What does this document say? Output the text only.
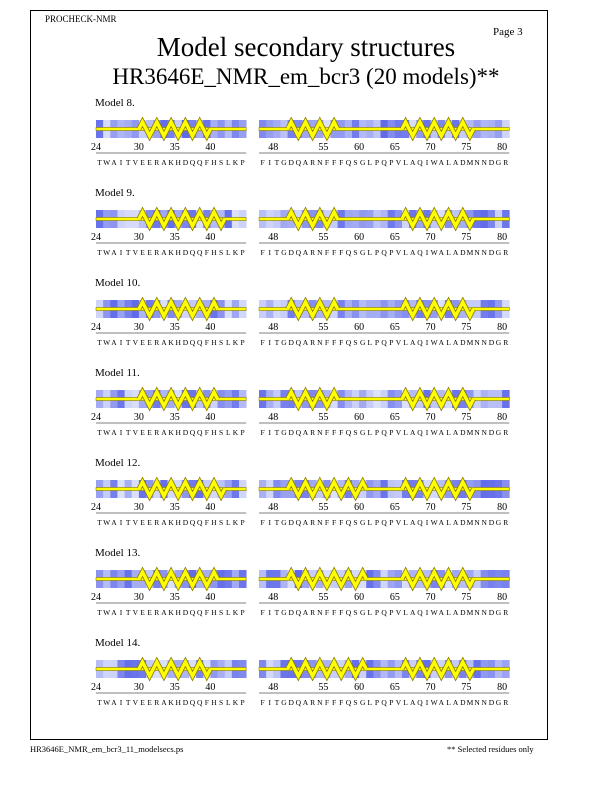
PROCHECK-NMR
Page 3
Model secondary structures
HR3646E_NMR_em_bcr3 (20 models)**
Model 8.
24	30	35	40
T W A I T V E E R A K H D Q Q F H S L K P
48	55	60	65	70	75	80
F I T G D Q A R N F F F Q S G L P Q P V L A Q I W A L A D M N N D G R
Model 9.
24	30	35	40
T W A I T V E E R A K H D Q Q F H S L K P
48	55	60	65	70	75	80
F I T G D Q A R N F F F Q S G L P Q P V L A Q I W A L A D M N N D G R
Model 10.
24	30	35	40
T W A I T V E E R A K H D Q Q F H S L K P
48	55	60	65	70	75	80
F I T G D Q A R N F F F Q S G L P Q P V L A Q I W A L A D M N N D G R
Model 11.
24	30	35	40
T W A I T V E E R A K H D Q Q F H S L K P
48	55	60	65	70	75	80
F I T G D Q A R N F F F Q S G L P Q P V L A Q I W A L A D M N N D G R
Model 12.
24	30	35	40
T W A I T V E E R A K H D Q Q F H S L K P
48	55	60	65	70	75	80
F I T G D Q A R N F F F Q S G L P Q P V L A Q I W A L A D M N N D G R
Model 13.
24	30	35	40
T W A I T V E E R A K H D Q Q F H S L K P
48	55	60	65	70	75	80
F I T G D Q A R N F F F Q S G L P Q P V L A Q I W A L A D M N N D G R
Model 14.
24	30	35	40
T W A I T V E E R A K H D Q Q F H S L K P
48	55	60	65	70	75	80
F I T G D Q A R N F F F Q S G L P Q P V L A Q I W A L A D M N N D G R
HR3646E_NMR_em_bcr3_11_modelsecs.ps	** Selected residues only
